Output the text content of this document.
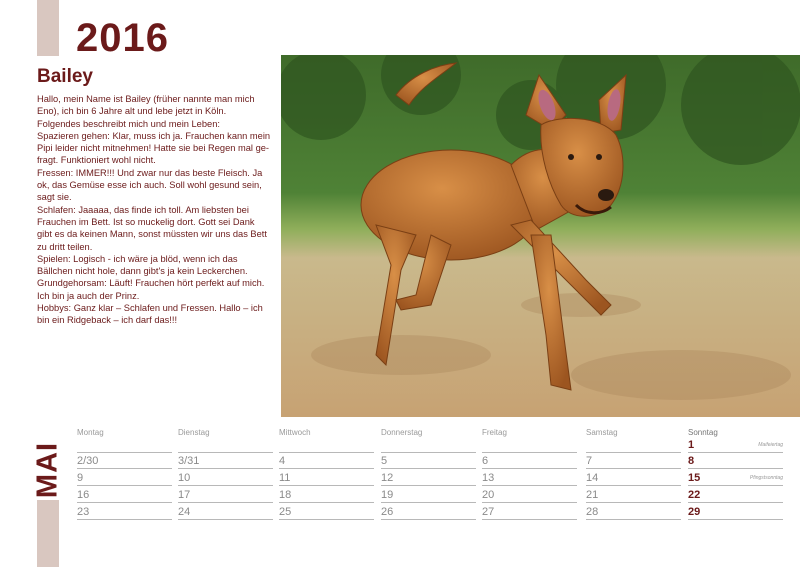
2016
Bailey

Hallo, mein Name ist Bailey (früher nannte man mich Eno), ich bin 6 Jahre alt und lebe jetzt in Köln.

Folgendes beschreibt mich und mein Leben:

Spazieren gehen: Klar, muss ich ja. Frauchen kann mein Pipi leider nicht mitnehmen! Hatte sie bei Regen mal ge-fragt. Funktioniert wohl nicht.

Fressen: IMMER!!! Und zwar nur das beste Fleisch. Ja ok, das Gemüse esse ich auch. Soll wohl gesund sein, sagt sie.

Schlafen: Jaaaaa, das finde ich toll. Am liebsten bei Frauchen im Bett. Ist so muckelig dort. Gott sei Dank gibt es da keinen Mann, sonst müssten wir uns das Bett zu dritt teilen.

Spielen: Logisch - ich wäre ja blöd, wenn ich das Bällchen nicht hole, dann gibt's ja kein Leckerchen.

Grundgehorsam: Läuft! Frauchen hört perfekt auf mich. Ich bin ja auch der Prinz.

Hobbys: Ganz klar – Schlafen und Fressen. Hallo – ich bin ein Ridgeback – ich darf das!!!

MAI
Montag
2/30
9
16
23
Dienstag
3/31
10
17
24
Mittwoch
4
11
18
25
Donnerstag
5
12
19
26
Freitag
6
13
20
27
Samstag
7
14
21
28
Sonntag
1	Maifeiertag
8
15	Pfingstsonntag
22
29
